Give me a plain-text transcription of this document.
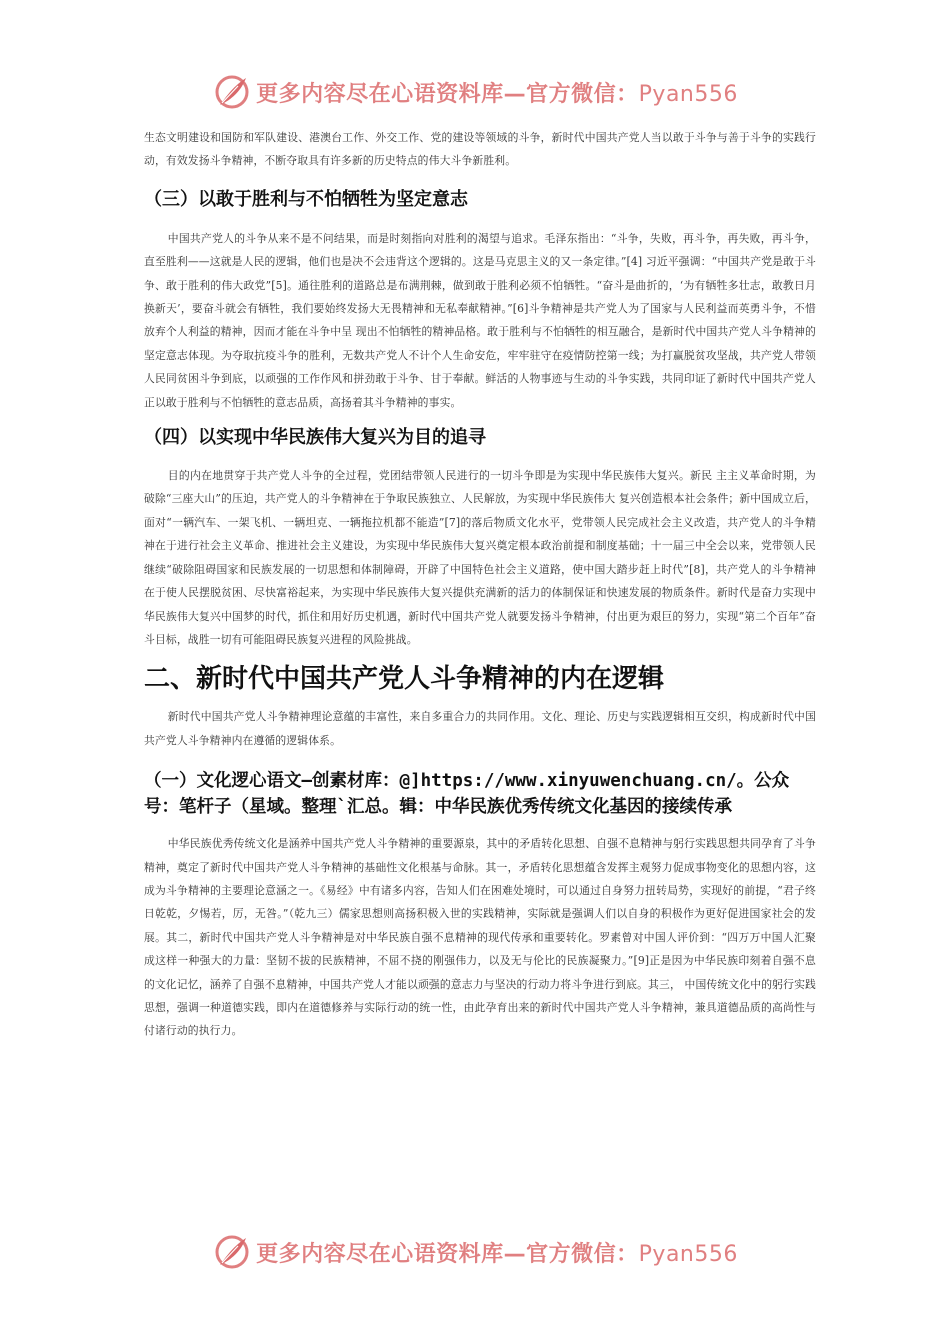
更多内容尽在心语资料库—官方微信：Pyan556

生态文明建设和国防和军队建设、港澳台工作、外交工作、党的建设等领域的斗争，新时代中国共产党人当以敢于斗争与善于斗争的实践行动，有效发扬斗争精神，不断夺取具有许多新的历史特点的伟大斗争新胜利。

（三）以敢于胜利与不怕牺牲为坚定意志

中国共产党人的斗争从来不是不问结果，而是时刻指向对胜利的渴望与追求。毛泽东指出：“斗争，失败，再斗争，再失败，再斗争，直至胜利——这就是人民的逻辑，他们也是决不会违背这个逻辑的。这是马克思主义的又一条定律。”[4] 习近平强调：“中国共产党是敢于斗争、敢于胜利的伟大政党”[5]。通往胜利的道路总是布满荆棘，做到敢于胜利必须不怕牺牲。“奋斗是曲折的，‘为有牺牲多壮志，敢教日月换新天’，要奋斗就会有牺牲，我们要始终发扬大无畏精神和无私奉献精神。”[6]斗争精神是共产党人为了国家与人民利益而英勇斗争，不惜放弃个人利益的精神，因而才能在斗争中呈 现出不怕牺牲的精神品格。敢于胜利与不怕牺牲的相互融合，是新时代中国共产党人斗争精神的坚定意志体现。为夺取抗疫斗争的胜利，无数共产党人不计个人生命安危，牢牢驻守在疫情防控第一线；为打赢脱贫攻坚战，共产党人带领人民同贫困斗争到底，以顽强的工作作风和拼劲敢于斗争、甘于奉献。鲜活的人物事迹与生动的斗争实践，共同印证了新时代中国共产党人正以敢于胜利与不怕牺牲的意志品质，高扬着其斗争精神的事实。

（四）以实现中华民族伟大复兴为目的追寻

目的内在地贯穿于共产党人斗争的全过程，党团结带领人民进行的一切斗争即是为实现中华民族伟大复兴。新民 主主义革命时期，为破除“三座大山”的压迫，共产党人的斗争精神在于争取民族独立、人民解放，为实现中华民族伟大 复兴创造根本社会条件；新中国成立后，面对“一辆汽车、一架飞机、一辆坦克、一辆拖拉机都不能造”[7]的落后物质文化水平，党带领人民完成社会主义改造，共产党人的斗争精神在于进行社会主义革命、推进社会主义建设，为实现中华民族伟大复兴奠定根本政治前提和制度基础；十一届三中全会以来，党带领人民继续“破除阻碍国家和民族发展的一切思想和体制障碍，开辟了中国特色社会主义道路，使中国大踏步赶上时代”[8]，共产党人的斗争精神在于使人民摆脱贫困、尽快富裕起来，为实现中华民族伟大复兴提供充满新的活力的体制保证和快速发展的物质条件。新时代是奋力实现中华民族伟大复兴中国梦的时代，抓住和用好历史机遇，新时代中国共产党人就要发扬斗争精神，付出更为艰巨的努力，实现“第二个百年”奋斗目标，战胜一切有可能阻碍民族复兴进程的风险挑战。

二、新时代中国共产党人斗争精神的内在逻辑

新时代中国共产党人斗争精神理论意蕴的丰富性，来自多重合力的共同作用。文化、理论、历史与实践逻辑相互交织，构成新时代中国共产党人斗争精神内在遵循的逻辑体系。

（一）文化逻心语文—创素材库：@]https://www.xinyuwenchuang.cn/。公众号：笔杆子（星域。整理`汇总。辑：中华民族优秀传统文化基因的接续传承

中华民族优秀传统文化是涵养中国共产党人斗争精神的重要源泉，其中的矛盾转化思想、自强不息精神与躬行实践思想共同孕育了斗争精神，奠定了新时代中国共产党人斗争精神的基础性文化根基与命脉。其一，矛盾转化思想蕴含发挥主观努力促成事物变化的思想内容，这成为斗争精神的主要理论意涵之一。《易经》中有诸多内容，告知人们在困难处境时，可以通过自身努力扭转局势，实现好的前提，“君子终日乾乾，夕惕若，厉，无咎。”（乾九三）儒家思想则高扬积极入世的实践精神，实际就是强调人们以自身的积极作为更好促进国家社会的发展。其二，新时代中国共产党人斗争精神是对中华民族自强不息精神的现代传承和重要转化。罗素曾对中国人评价到：“四万万中国人汇聚成这样一种强大的力量：坚韧不拔的民族精神，不屈不挠的刚强伟力，以及无与伦比的民族凝聚力。”[9]正是因为中华民族印刻着自强不息的文化记忆，涵养了自强不息精神，中国共产党人才能以顽强的意志力与坚决的行动力将斗争进行到底。其三， 中国传统文化中的躬行实践思想，强调一种道德实践，即内在道德修养与实际行动的统一性，由此孕育出来的新时代中国共产党人斗争精神，兼具道德品质的高尚性与付诸行动的执行力。

更多内容尽在心语资料库—官方微信：Pyan556
